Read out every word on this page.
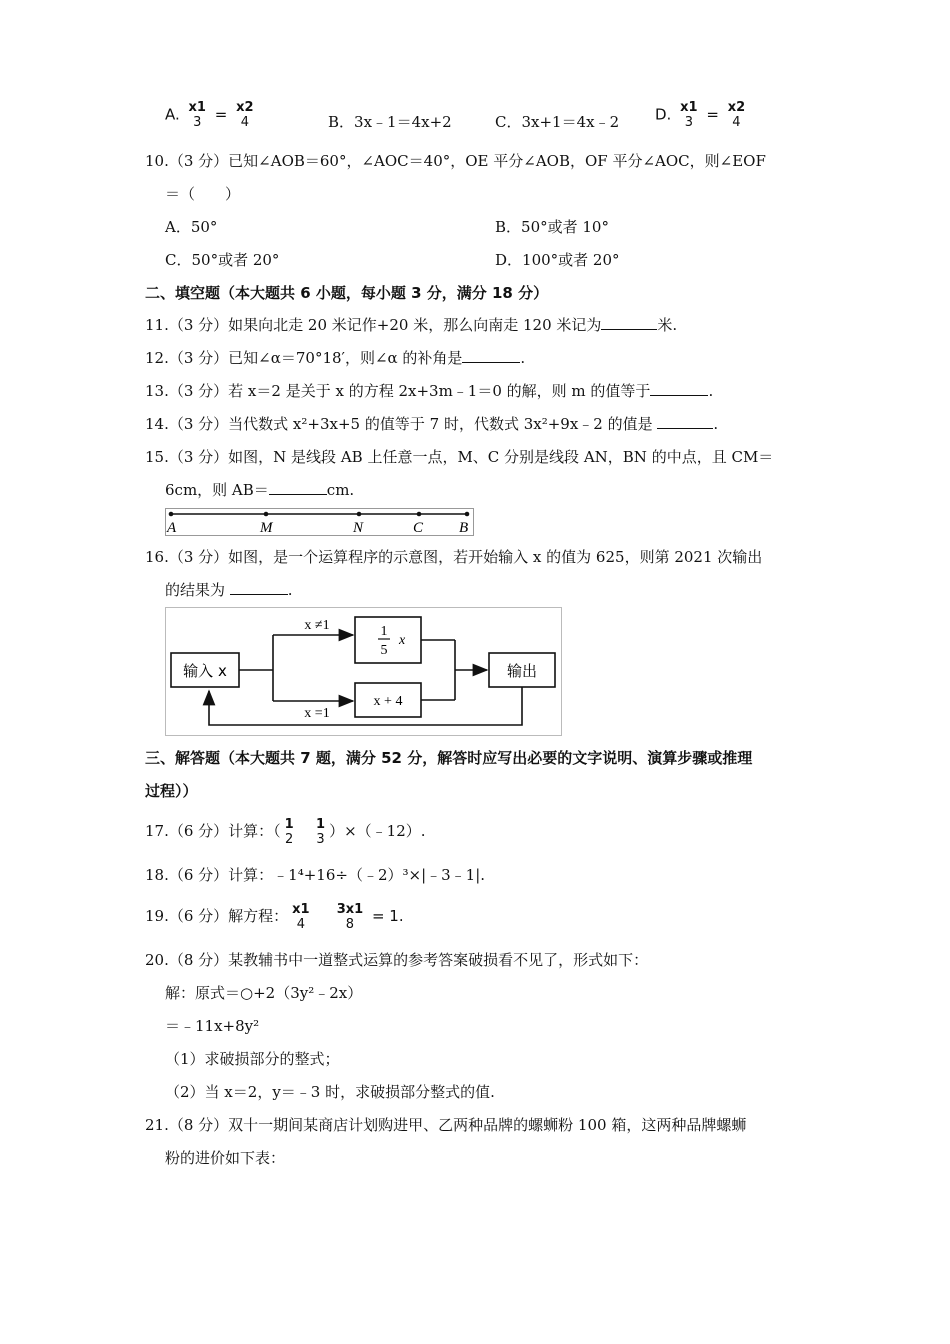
A. x1
3 = x2
4	B．3x﹣1＝4x+2	C．3x+1＝4x﹣2 D. x1
3 = x2
4
10.（3 分）已知∠AOB＝60°，∠AOC＝40°，OE 平分∠AOB，OF 平分∠AOC，则∠EOF
＝（　　）
A．50°	B．50°或者 10°
C．50°或者 20°	D．100°或者 20°
二、填空题（本大题共 6 小题，每小题 3 分，满分 18 分）
11.（3 分）如果向北走 20 米记作+20 米，那么向南走 120 米记为	米.
12.（3 分）已知∠α＝70°18′，则∠α 的补角是	.
13.（3 分）若 x＝2 是关于 x 的方程 2x+3m﹣1＝0 的解，则 m 的值等于	.
14.（3 分）当代数式 x²+3x+5 的值等于 7 时，代数式 3x²+9x﹣2 的值是	.
15.（3 分）如图，N 是线段 AB 上任意一点，M、C 分别是线段 AN，BN 的中点，且 CM＝
6cm，则 AB＝	cm.
A	M	N	C B
16.（3 分）如图，是一个运算程序的示意图，若开始输入 x 的值为 625，则第 2021 次输出
的结果为	.
输入 x
x ≠1
x =1
1
5
x
x + 4
输出
三、解答题（本大题共 7 题，满分 52 分，解答时应写出必要的文字说明、演算步骤或推理
过程））
17.（6 分）计算：（ 1
2

1
3 ）×（﹣12）.
18.（6 分）计算：﹣1⁴+16÷（﹣2）³×|﹣3﹣1|.
19.（6 分）解方程： x1
4

3x1
8	= 1.
20.（8 分）某教辅书中一道整式运算的参考答案破损看不见了，形式如下：
解：原式＝○+2（3y²﹣2x）
＝﹣11x+8y²
（1）求破损部分的整式；
（2）当 x＝2，y＝﹣3 时，求破损部分整式的值.
21.（8 分）双十一期间某商店计划购进甲、乙两种品牌的螺蛳粉 100 箱，这两种品牌螺蛳
粉的进价如下表：
